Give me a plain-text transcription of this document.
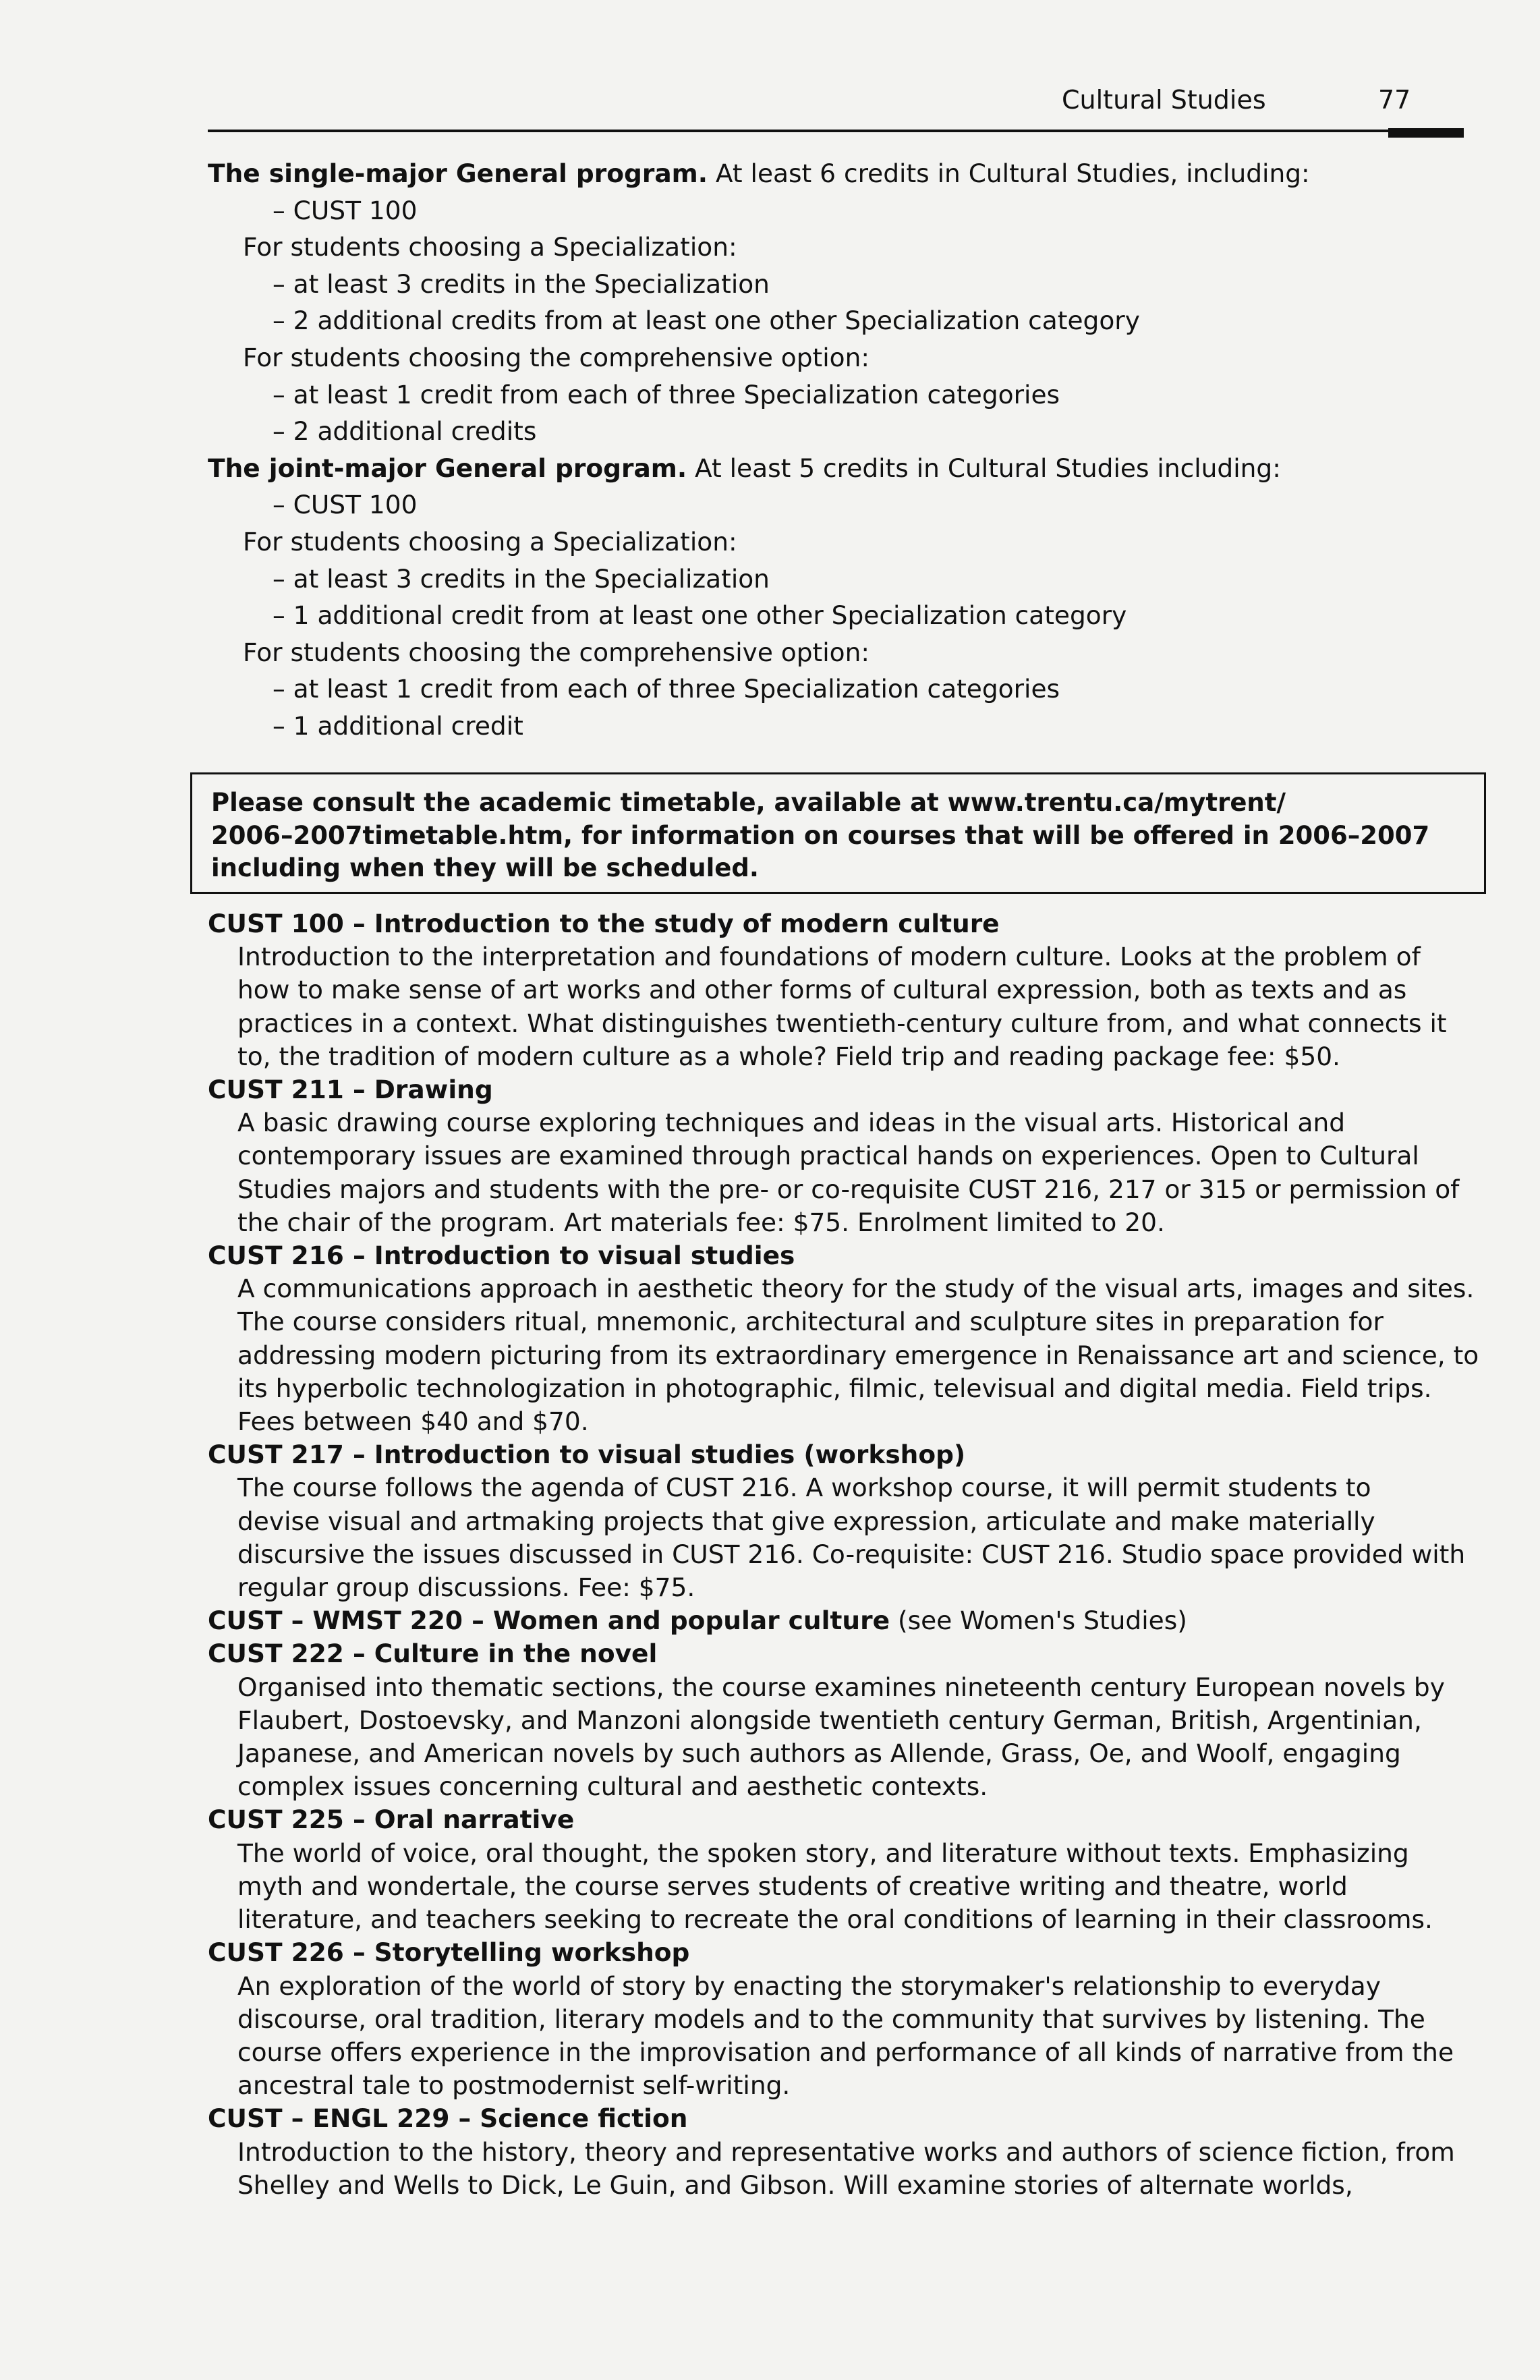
Cultural Studies	77
The single-major General program. At least 6 credits in Cultural Studies, including:
– CUST 100
For students choosing a Specialization:
– at least 3 credits in the Specialization
– 2 additional credits from at least one other Specialization category
For students choosing the comprehensive option:
– at least 1 credit from each of three Specialization categories
– 2 additional credits
The joint-major General program. At least 5 credits in Cultural Studies including:
– CUST 100
For students choosing a Specialization:
– at least 3 credits in the Specialization
– 1 additional credit from at least one other Specialization category
For students choosing the comprehensive option:
– at least 1 credit from each of three Specialization categories
– 1 additional credit
Please consult the academic timetable, available at www.trentu.ca/mytrent/
2006–2007timetable.htm, for information on courses that will be offered in 2006–2007
including when they will be scheduled.
CUST 100 – Introduction to the study of modern culture
Introduction to the interpretation and foundations of modern culture. Looks at the problem of
how to make sense of art works and other forms of cultural expression, both as texts and as
practices in a context. What distinguishes twentieth-century culture from, and what connects it
to, the tradition of modern culture as a whole? Field trip and reading package fee: $50.
CUST 211 – Drawing
A basic drawing course exploring techniques and ideas in the visual arts. Historical and
contemporary issues are examined through practical hands on experiences. Open to Cultural
Studies majors and students with the pre- or co-requisite CUST 216, 217 or 315 or permission of
the chair of the program. Art materials fee: $75. Enrolment limited to 20.
CUST 216 – Introduction to visual studies
A communications approach in aesthetic theory for the study of the visual arts, images and sites.
The course considers ritual, mnemonic, architectural and sculpture sites in preparation for
addressing modern picturing from its extraordinary emergence in Renaissance art and science, to
its hyperbolic technologization in photographic, filmic, televisual and digital media. Field trips.
Fees between $40 and $70.
CUST 217 – Introduction to visual studies (workshop)
The course follows the agenda of CUST 216. A workshop course, it will permit students to
devise visual and artmaking projects that give expression, articulate and make materially
discursive the issues discussed in CUST 216. Co-requisite: CUST 216. Studio space provided with
regular group discussions. Fee: $75.
CUST – WMST 220 – Women and popular culture (see Women's Studies)
CUST 222 – Culture in the novel
Organised into thematic sections, the course examines nineteenth century European novels by
Flaubert, Dostoevsky, and Manzoni alongside twentieth century German, British, Argentinian,
Japanese, and American novels by such authors as Allende, Grass, Oe, and Woolf, engaging
complex issues concerning cultural and aesthetic contexts.
CUST 225 – Oral narrative
The world of voice, oral thought, the spoken story, and literature without texts. Emphasizing
myth and wondertale, the course serves students of creative writing and theatre, world
literature, and teachers seeking to recreate the oral conditions of learning in their classrooms.
CUST 226 – Storytelling workshop
An exploration of the world of story by enacting the storymaker's relationship to everyday
discourse, oral tradition, literary models and to the community that survives by listening. The
course offers experience in the improvisation and performance of all kinds of narrative from the
ancestral tale to postmodernist self-writing.
CUST – ENGL 229 – Science fiction
Introduction to the history, theory and representative works and authors of science fiction, from
Shelley and Wells to Dick, Le Guin, and Gibson. Will examine stories of alternate worlds,
